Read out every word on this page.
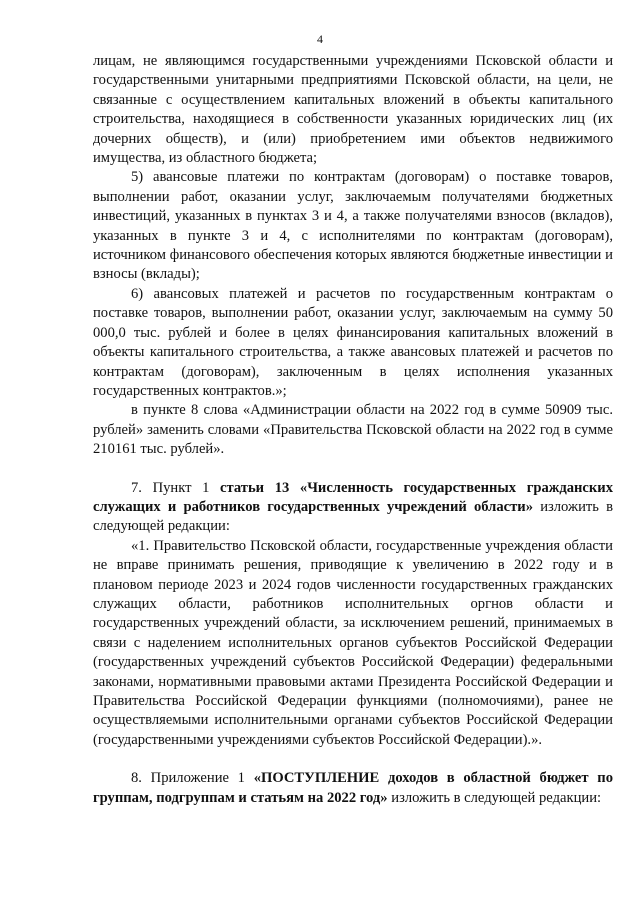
4

лицам, не являющимся государственными учреждениями Псковской области и государственными унитарными предприятиями Псковской области, на цели, не связанные с осуществлением капитальных вложений в объекты капитального строительства, находящиеся в собственности указанных юридических лиц (их дочерних обществ), и (или) приобретением ими объектов недвижимого имущества, из областного бюджета;

5) авансовые платежи по контрактам (договорам) о поставке товаров, выполнении работ, оказании услуг, заключаемым получателями бюджетных инвестиций, указанных в пунктах 3 и 4, а также получателями взносов (вкладов), указанных в пункте 3 и 4, с исполнителями по контрактам (договорам), источником финансового обеспечения которых являются бюджетные инвестиции и взносы (вклады);

6) авансовых платежей и расчетов по государственным контрактам о поставке товаров, выполнении работ, оказании услуг, заключаемым на сумму 50 000,0 тыс. рублей и более в целях финансирования капитальных вложений в объекты капитального строительства, а также авансовых платежей и расчетов по контрактам (договорам), заключенным в целях исполнения указанных государственных контрактов.»;

в пункте 8 слова «Администрации области на 2022 год в сумме 50909 тыс. рублей» заменить словами «Правительства Псковской области на 2022 год в сумме 210161 тыс. рублей».

7. Пункт 1 статьи 13 «Численность государственных гражданских служащих и работников государственных учреждений области» изложить в следующей редакции:

«1. Правительство Псковской области, государственные учреждения области не вправе принимать решения, приводящие к увеличению в 2022 году и в плановом периоде 2023 и 2024 годов численности государственных гражданских служащих области, работников исполнительных оргнов области и государственных учреждений области, за исключением решений, принимаемых в связи с наделением исполнительных органов субъектов Российской Федерации (государственных учреждений субъектов Российской Федерации) федеральными законами, нормативными правовыми актами Президента Российской Федерации и Правительства Российской Федерации функциями (полномочиями), ранее не осуществляемыми исполнительными органами субъектов Российской Федерации (государственными учреждениями субъектов Российской Федерации).».

8. Приложение 1 «ПОСТУПЛЕНИЕ доходов в областной бюджет по группам, подгруппам и статьям на 2022 год» изложить в следующей редакции:
